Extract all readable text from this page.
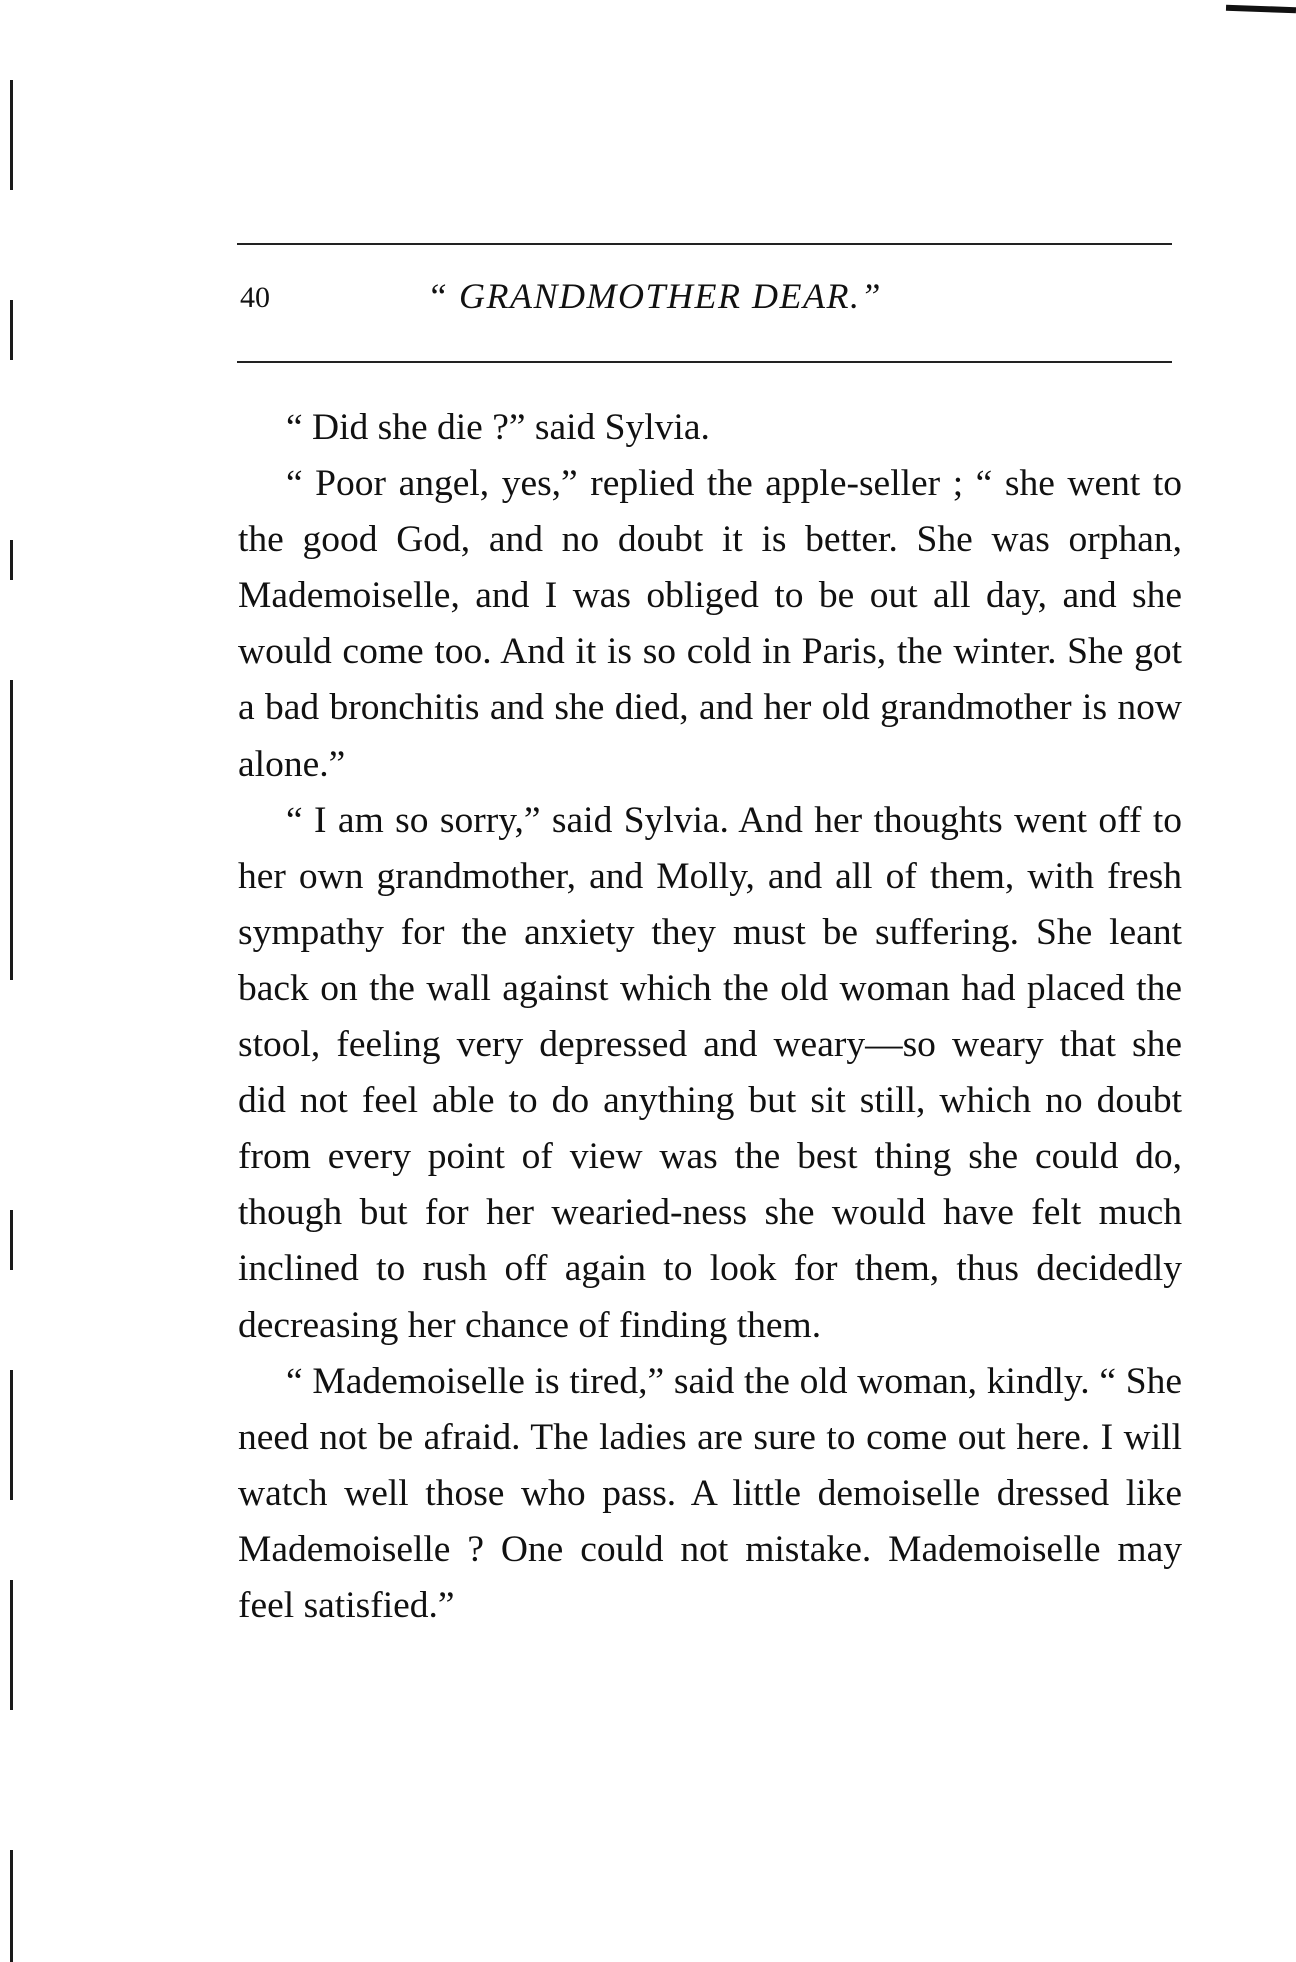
40	“ GRANDMOTHER DEAR.”

“ Did she die ?” said Sylvia.

“ Poor angel, yes,” replied the apple-seller ; “ she went to the good God, and no doubt it is better. She was orphan, Mademoiselle, and I was obliged to be out all day, and she would come too. And it is so cold in Paris, the winter. She got a bad bronchitis and she died, and her old grandmother is now alone.”

“ I am so sorry,” said Sylvia. And her thoughts went off to her own grandmother, and Molly, and all of them, with fresh sympathy for the anxiety they must be suffering. She leant back on the wall against which the old woman had placed the stool, feeling very depressed and weary—so weary that she did not feel able to do anything but sit still, which no doubt from every point of view was the best thing she could do, though but for her wearied-ness she would have felt much inclined to rush off again to look for them, thus decidedly decreasing her chance of finding them.

“ Mademoiselle is tired,” said the old woman, kindly. “ She need not be afraid. The ladies are sure to come out here. I will watch well those who pass. A little demoiselle dressed like Mademoiselle ? One could not mistake. Mademoiselle may feel satisfied.”
